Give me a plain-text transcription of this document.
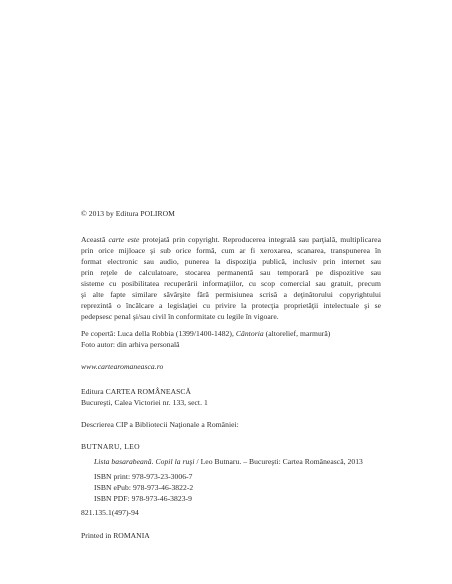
© 2013 by Editura POLIROM
Această carte este protejată prin copyright. Reproducerea integrală sau parţială, multiplicarea
prin orice mijloace şi sub orice formă, cum ar fi xeroxarea, scanarea, transpunerea în
format electronic sau audio, punerea la dispoziţia publică, inclusiv prin internet sau
prin reţele de calculatoare, stocarea permanentă sau temporară pe dispozitive sau
sisteme cu posibilitatea recuperării informaţiilor, cu scop comercial sau gratuit, precum
şi alte fapte similare săvârşite fără permisiunea scrisă a deţinătorului copyrightului
reprezintă o încălcare a legislaţiei cu privire la protecţia proprietăţii intelectuale şi se
pedepsesc penal şi/sau civil în conformitate cu legile în vigoare.
Pe copertă: Luca della Robbia (1399/1400-1482), Cântoria (altorelief, marmură)
Foto autor: din arhiva personală
www.cartearomaneasca.ro
Editura CARTEA ROMÂNEASCĂ
Bucureşti, Calea Victoriei nr. 133, sect. 1
Descrierea CIP a Bibliotecii Naţionale a României:
BUTNARU, LEO
Lista basarabeană. Copil la ruşi / Leo Butnaru. – Bucureşti: Cartea Românească, 2013
ISBN print: 978-973-23-3006-7
ISBN ePub: 978-973-46-3822-2
ISBN PDF: 978-973-46-3823-9
821.135.1(497)-94
Printed in ROMANIA
